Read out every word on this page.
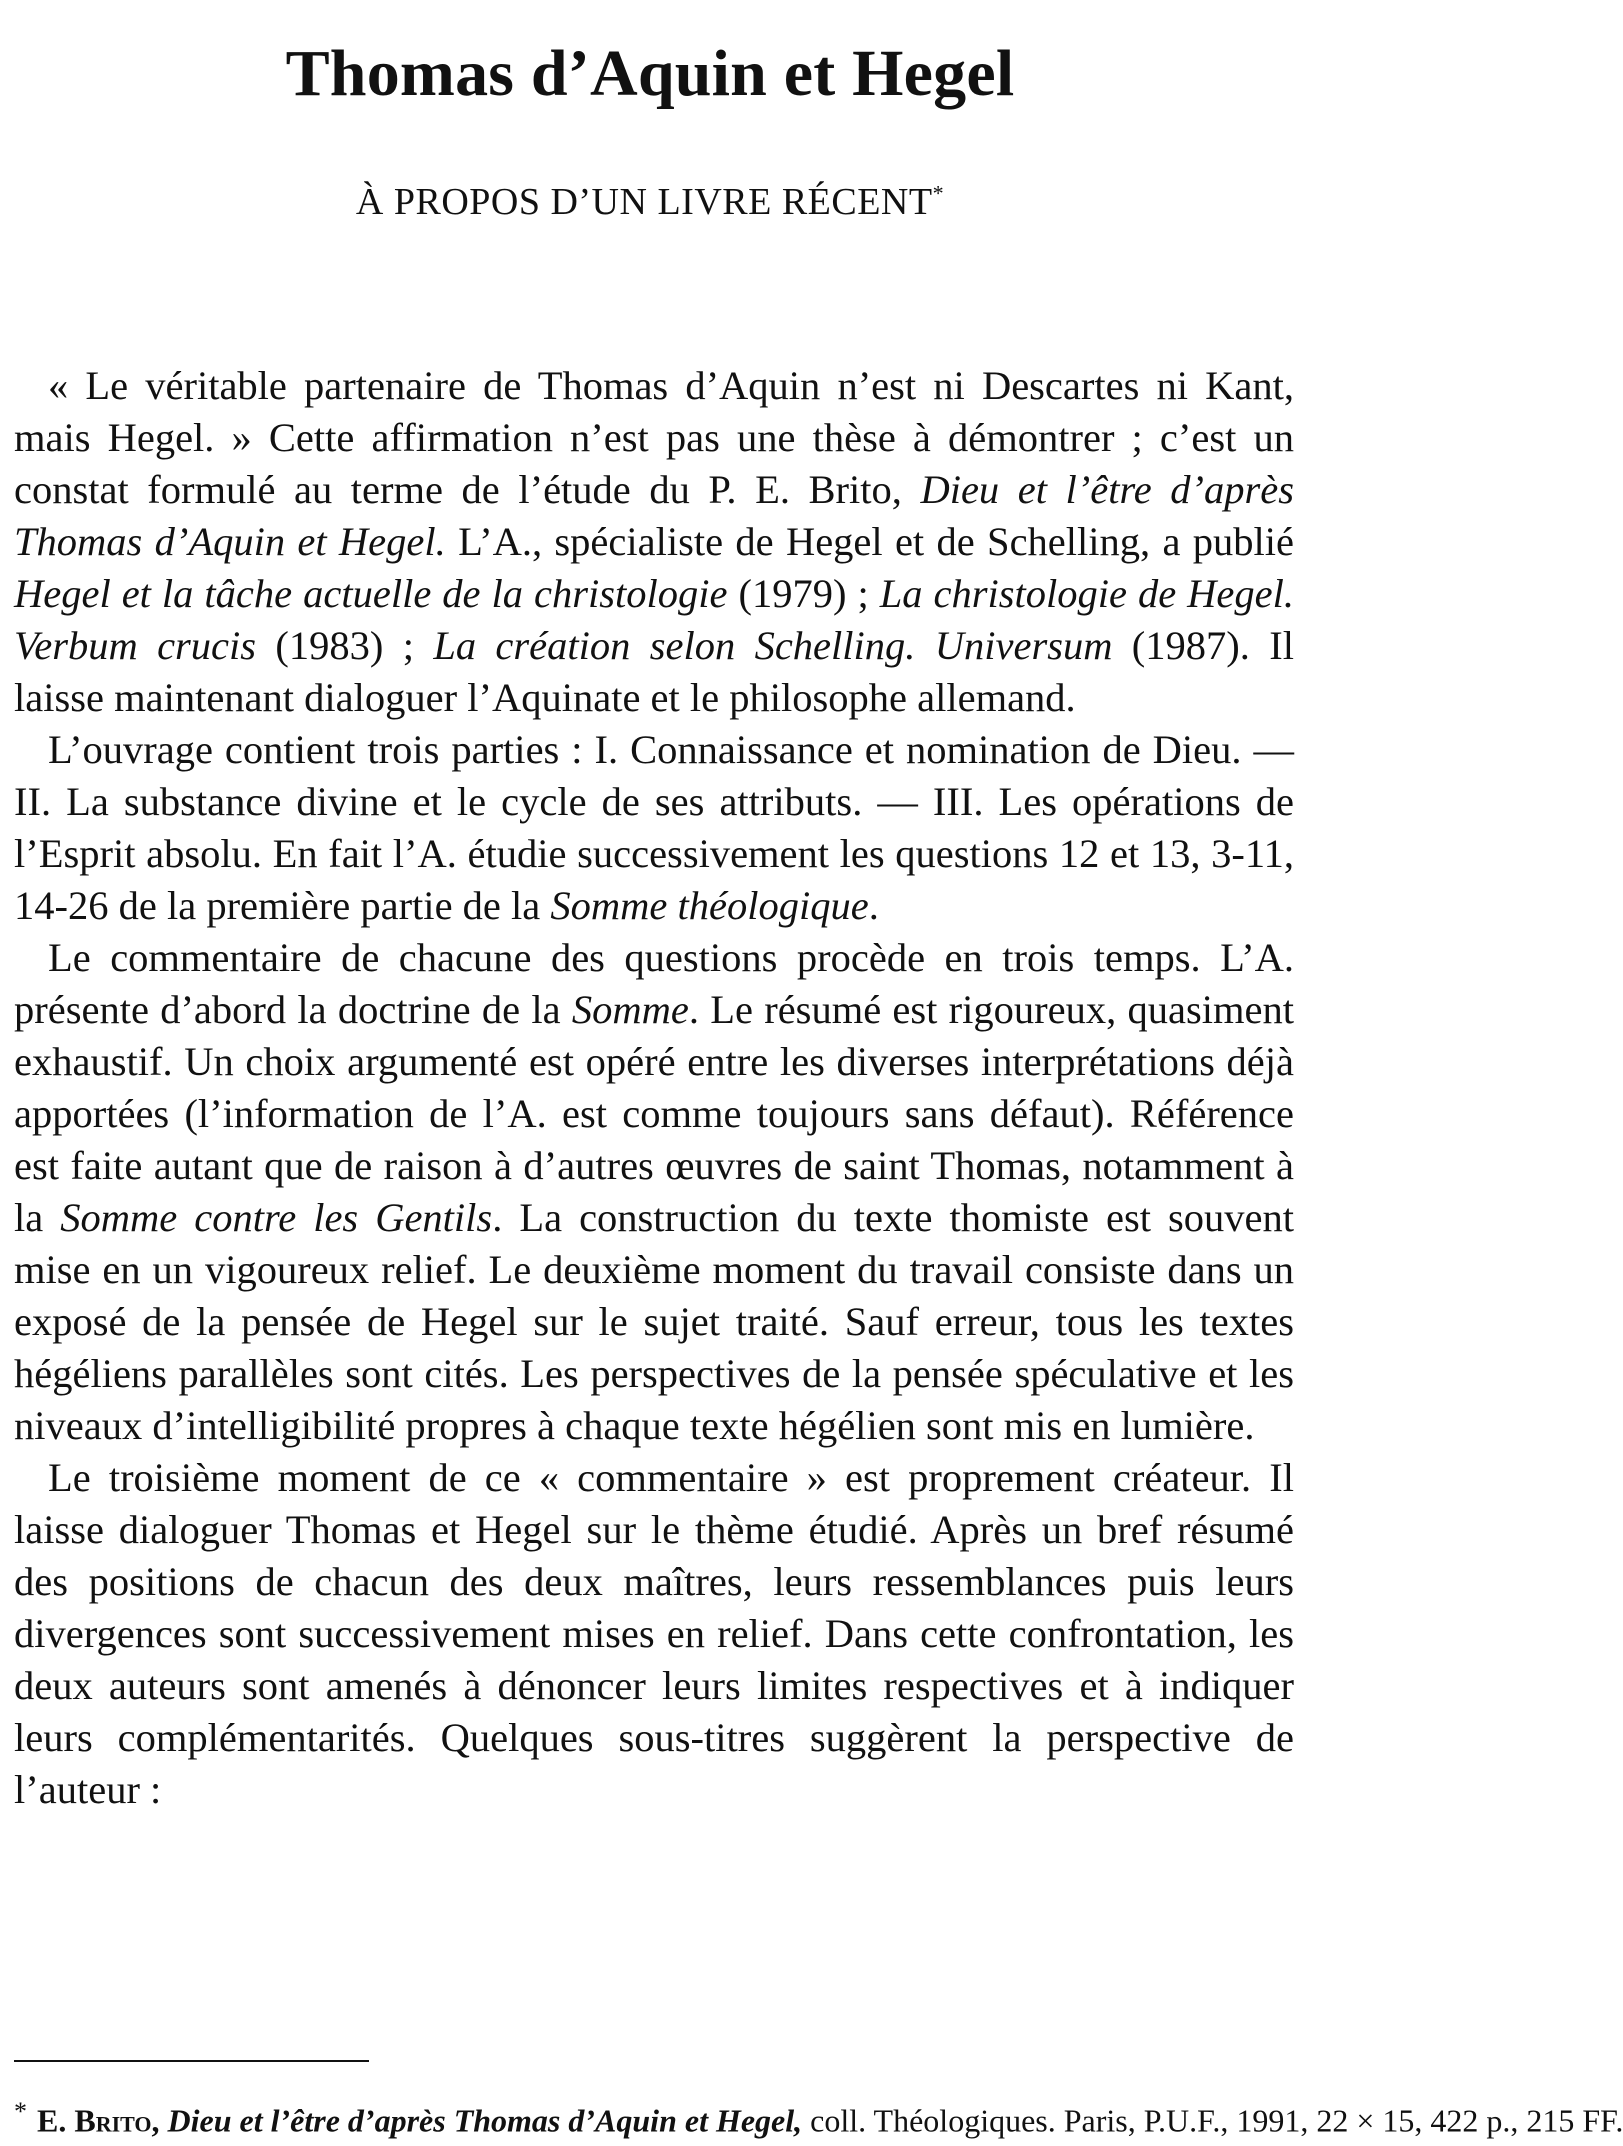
Thomas d’Aquin et Hegel
À PROPOS D’UN LIVRE RÉCENT*

« Le véritable partenaire de Thomas d’Aquin n’est ni Descartes ni Kant, mais Hegel. » Cette affirmation n’est pas une thèse à démontrer ; c’est un constat formulé au terme de l’étude du P. E. Brito, Dieu et l’être d’après Thomas d’Aquin et Hegel. L’A., spécialiste de Hegel et de Schelling, a publié Hegel et la tâche actuelle de la christologie (1979) ; La christologie de Hegel. Verbum crucis (1983) ; La création selon Schelling. Universum (1987). Il laisse maintenant dialoguer l’Aquinate et le philosophe allemand.

L’ouvrage contient trois parties : I. Connaissance et nomination de Dieu. — II. La substance divine et le cycle de ses attributs. — III. Les opérations de l’Esprit absolu. En fait l’A. étudie successivement les questions 12 et 13, 3-11, 14-26 de la première partie de la Somme théologique.

Le commentaire de chacune des questions procède en trois temps. L’A. présente d’abord la doctrine de la Somme. Le résumé est rigoureux, quasiment exhaustif. Un choix argumenté est opéré entre les diverses interprétations déjà apportées (l’information de l’A. est comme toujours sans défaut). Référence est faite autant que de raison à d’autres œuvres de saint Thomas, notamment à la Somme contre les Gentils. La construction du texte thomiste est souvent mise en un vigoureux relief. Le deuxième moment du travail consiste dans un exposé de la pensée de Hegel sur le sujet traité. Sauf erreur, tous les textes hégéliens parallèles sont cités. Les perspectives de la pensée spéculative et les niveaux d’intelligibilité propres à chaque texte hégélien sont mis en lumière.

Le troisième moment de ce « commentaire » est proprement créateur. Il laisse dialoguer Thomas et Hegel sur le thème étudié. Après un bref résumé des positions de chacun des deux maîtres, leurs ressemblances puis leurs divergences sont successivement mises en relief. Dans cette confrontation, les deux auteurs sont amenés à dénoncer leurs limites respectives et à indiquer leurs complémentarités. Quelques sous-titres suggèrent la perspective de l’auteur :

* E. Brito, Dieu et l’être d’après Thomas d’Aquin et Hegel, coll. Théologiques. Paris, P.U.F., 1991, 22 × 15, 422 p., 215 FF.
